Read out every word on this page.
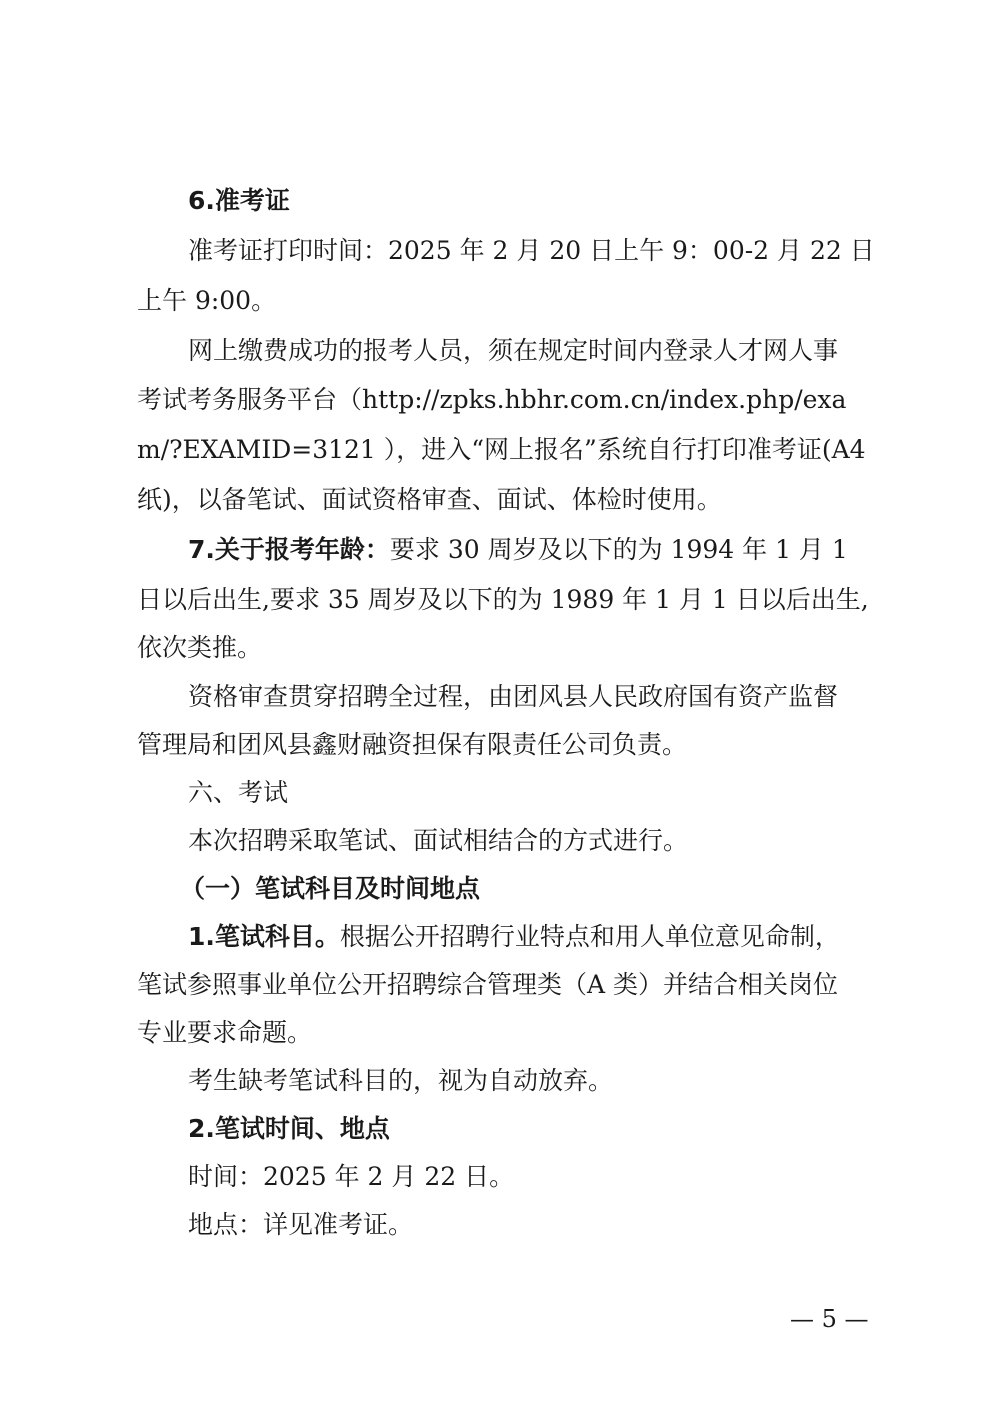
6.准考证
准考证打印时间：2025 年 2 月 20 日上午 9：00-2 月 22 日
上午 9:00。
网上缴费成功的报考人员，须在规定时间内登录人才网人事
考试考务服务平台（http://zpks.hbhr.com.cn/index.php/exa
m/?EXAMID=3121 ），进入“网上报名”系统自行打印准考证(A4
纸)，以备笔试、面试资格审查、面试、体检时使用。
7.关于报考年龄：要求 30 周岁及以下的为 1994 年 1 月 1
日以后出生,要求 35 周岁及以下的为 1989 年 1 月 1 日以后出生,
依次类推。
资格审查贯穿招聘全过程，由团风县人民政府国有资产监督
管理局和团风县鑫财融资担保有限责任公司负责。
六、考试
本次招聘采取笔试、面试相结合的方式进行。
（一）笔试科目及时间地点
1.笔试科目。根据公开招聘行业特点和用人单位意见命制，
笔试参照事业单位公开招聘综合管理类（A 类）并结合相关岗位
专业要求命题。
考生缺考笔试科目的，视为自动放弃。
2.笔试时间、地点
时间：2025 年 2 月 22 日。
地点：详见准考证。
— 5 —
